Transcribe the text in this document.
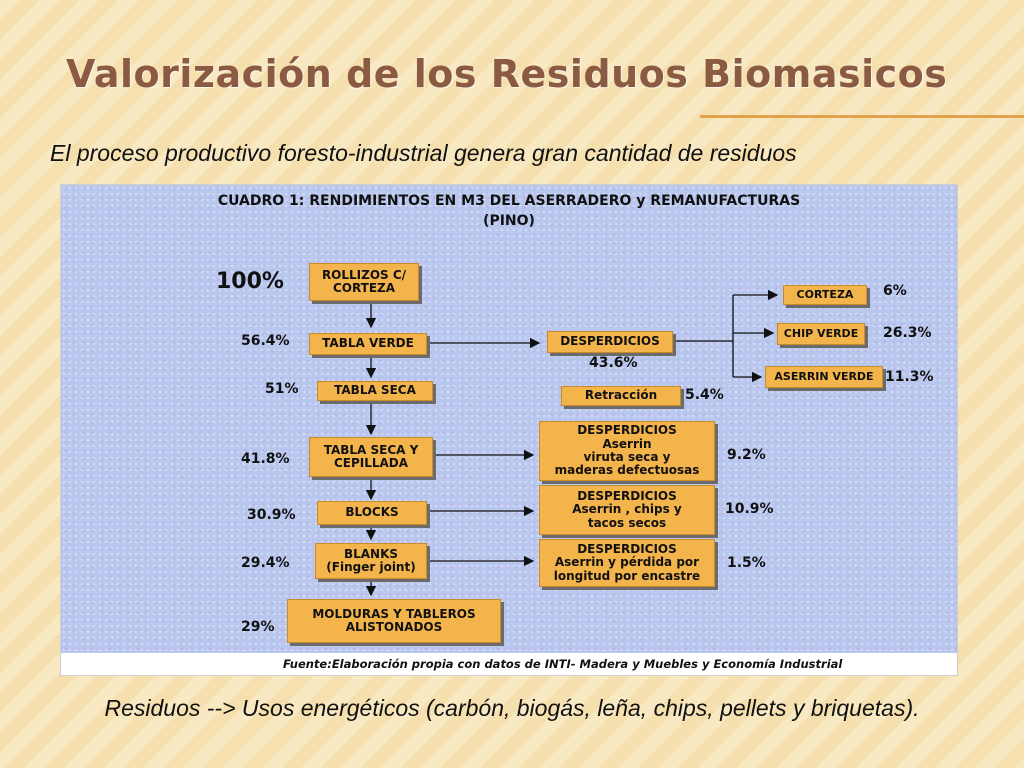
Valorización de los Residuos Biomasicos
El proceso productivo foresto-industrial genera gran cantidad de residuos
CUADRO 1: RENDIMIENTOS EN M3 DEL ASERRADERO y REMANUFACTURAS
(PINO)
ROLLIZOS C/
CORTEZA
100%
TABLA VERDE
56.4%
TABLA SECA
51%
TABLA SECA Y
CEPILLADA
41.8%
BLOCKS
30.9%
BLANKS
(Finger joint)
29.4%
MOLDURAS Y TABLEROS
ALISTONADOS
29%
DESPERDICIOS
43.6%
Retracción	5.4%
CORTEZA	6%
CHIP VERDE	26.3%
ASERRIN VERDE 11.3%
DESPERDICIOS
Aserrin
viruta seca y
maderas defectuosas
9.2%
DESPERDICIOS
Aserrin , chips y
tacos secos
10.9%
DESPERDICIOS
Aserrin y pérdida por
longitud por encastre
1.5%
Fuente:Elaboración propia con datos de INTI- Madera y Muebles y Economía Industrial
Residuos --> Usos energéticos (carbón, biogás, leña, chips, pellets y briquetas).
